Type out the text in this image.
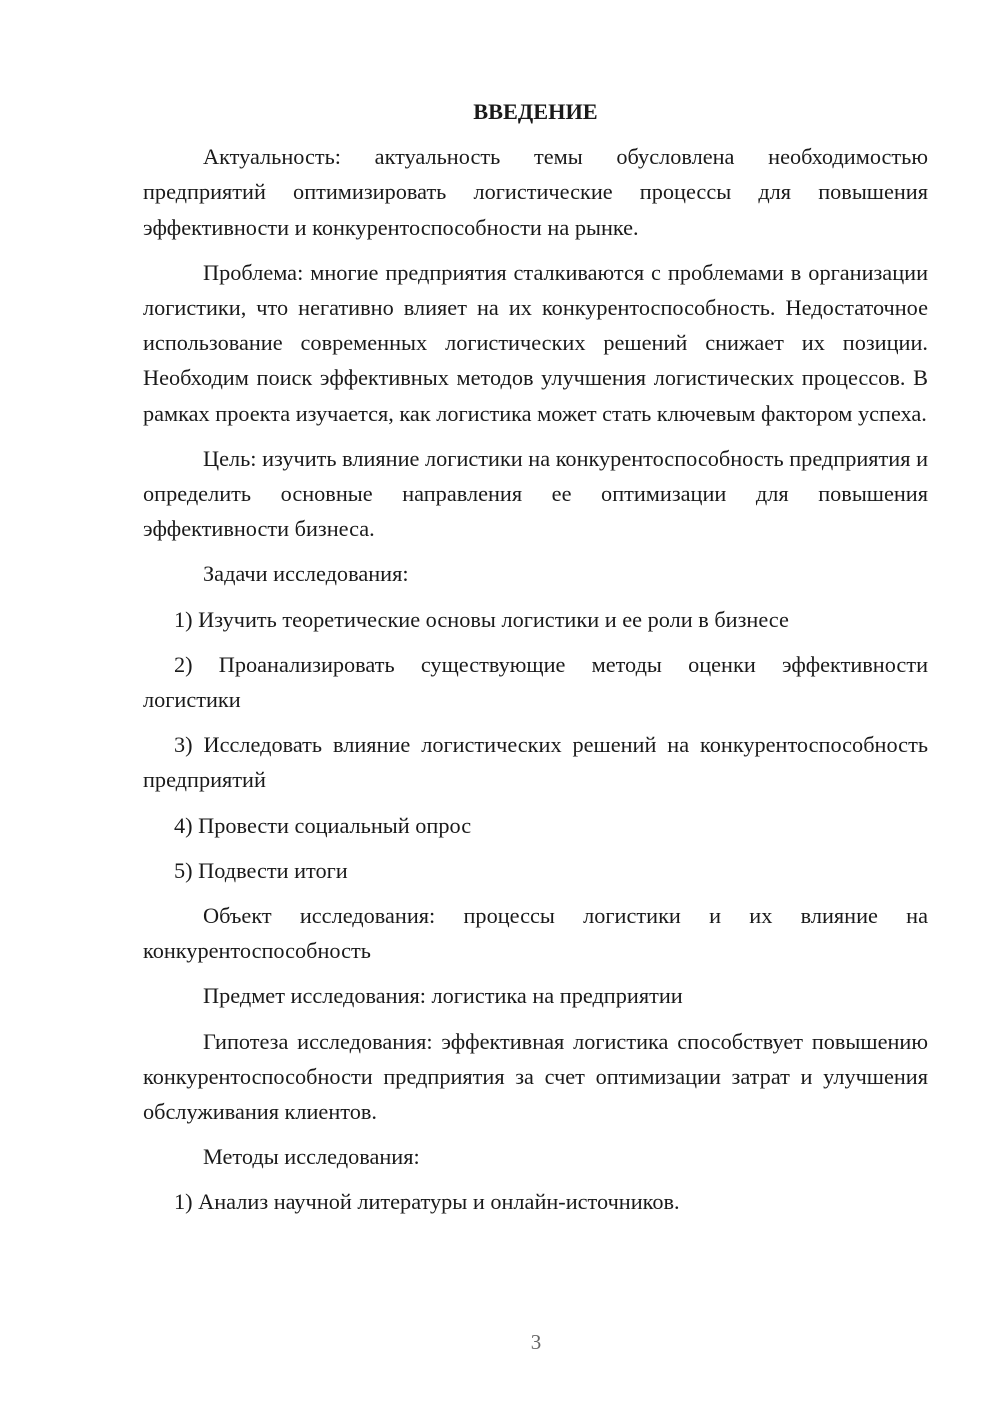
ВВЕДЕНИЕ

Актуальность: актуальность темы обусловлена необходимостью предприятий оптимизировать логистические процессы для повышения эффективности и конкурентоспособности на рынке.

Проблема: многие предприятия сталкиваются с проблемами в организации логистики, что негативно влияет на их конкурентоспособность. Недостаточное использование современных логистических решений снижает их позиции. Необходим поиск эффективных методов улучшения логистических процессов. В рамках проекта изучается, как логистика может стать ключевым фактором успеха.

Цель: изучить влияние логистики на конкурентоспособность предприятия и определить основные направления ее оптимизации для повышения эффективности бизнеса.

Задачи исследования:

1) Изучить теоретические основы логистики и ее роли в бизнесе

2) Проанализировать существующие методы оценки эффективности логистики

3) Исследовать влияние логистических решений на конкурентоспособность предприятий

4) Провести социальный опрос

5) Подвести итоги

Объект исследования: процессы логистики и их влияние на конкурентоспособность

Предмет исследования: логистика на предприятии

Гипотеза исследования: эффективная логистика способствует повышению конкурентоспособности предприятия за счет оптимизации затрат и улучшения обслуживания клиентов.

Методы исследования:

1) Анализ научной литературы и онлайн-источников.

3
